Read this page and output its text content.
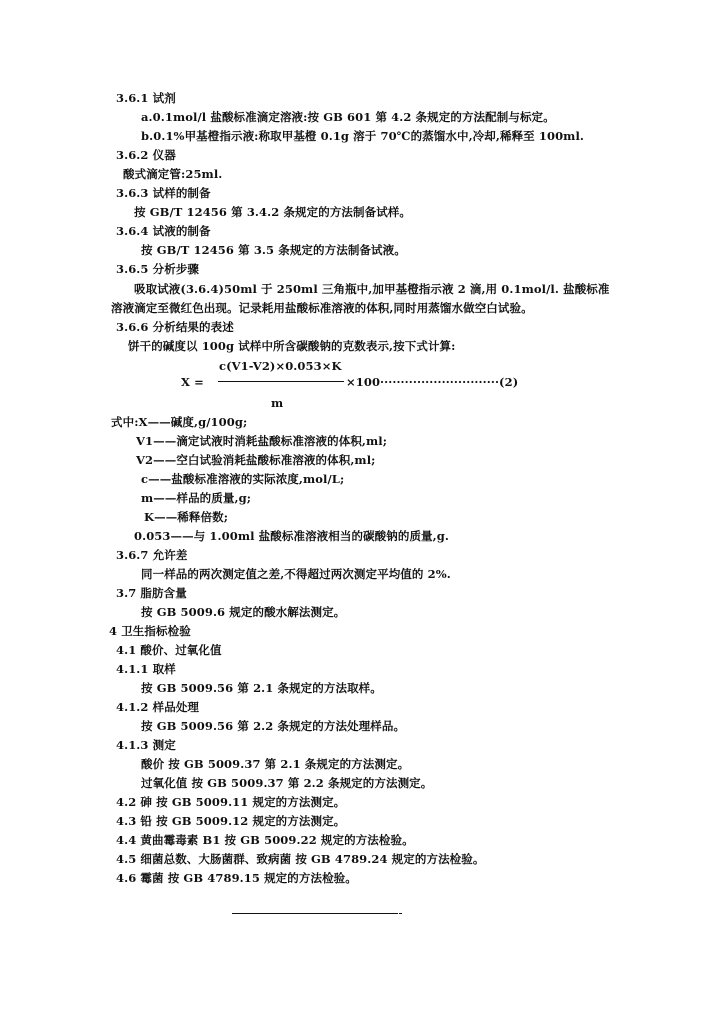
3.6.1 试剂
a.0.1mol/l 盐酸标准滴定溶液:按 GB 601 第 4.2 条规定的方法配制与标定。
b.0.1%甲基橙指示液:称取甲基橙 0.1g 溶于 70℃的蒸馏水中,冷却,稀释至 100ml.
3.6.2 仪器
酸式滴定管:25ml.
3.6.3 试样的制备
按 GB/T 12456 第 3.4.2 条规定的方法制备试样。
3.6.4 试液的制备
按 GB/T 12456 第 3.5 条规定的方法制备试液。
3.6.5 分析步骤
吸取试液(3.6.4)50ml 于 250ml 三角瓶中,加甲基橙指示液 2 滴,用 0.1mol/l. 盐酸标准
溶液滴定至微红色出现。记录耗用盐酸标准溶液的体积,同时用蒸馏水做空白试验。
3.6.6 分析结果的表述
饼干的碱度以 100g 试样中所含碳酸钠的克数表示,按下式计算:
c(V1-V2)×0.053×K
X =	×100·····························(2)
m
式中:X——碱度,g/100g;
V1——滴定试液时消耗盐酸标准溶液的体积,ml;
V2——空白试验消耗盐酸标准溶液的体积,ml;
c——盐酸标准溶液的实际浓度,mol/L;
m——样品的质量,g;
K——稀释倍数;
0.053——与 1.00ml 盐酸标准溶液相当的碳酸钠的质量,g.
3.6.7 允许差
同一样品的两次测定值之差,不得超过两次测定平均值的 2%.
3.7 脂肪含量
按 GB 5009.6 规定的酸水解法测定。
4 卫生指标检验
4.1 酸价、过氧化值
4.1.1 取样
按 GB 5009.56 第 2.1 条规定的方法取样。
4.1.2 样品处理
按 GB 5009.56 第 2.2 条规定的方法处理样品。
4.1.3 测定
酸价 按 GB 5009.37 第 2.1 条规定的方法测定。
过氧化值 按 GB 5009.37 第 2.2 条规定的方法测定。
4.2 砷 按 GB 5009.11 规定的方法测定。
4.3 铅 按 GB 5009.12 规定的方法测定。
4.4 黄曲霉毒素 B1 按 GB 5009.22 规定的方法检验。
4.5 细菌总数、大肠菌群、致病菌 按 GB 4789.24 规定的方法检验。
4.6 霉菌 按 GB 4789.15 规定的方法检验。
